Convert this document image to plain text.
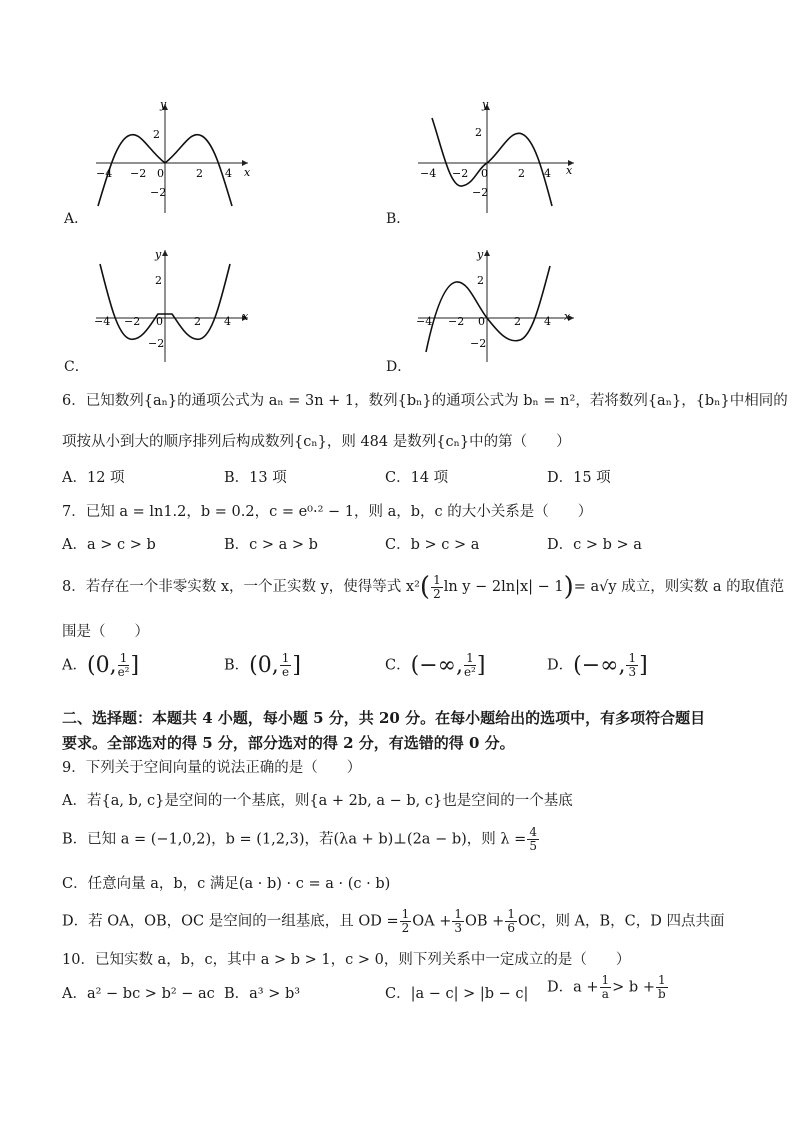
y
x
−4 −2 0	2 4
2
−2
A．
y
x
−4 −2 0	2 4
2
−2
B．
y
x
−4 −2 0	2 4
2
−2
C．
y
x
−4 −2 0	2 4
2
−2
D．
6．已知数列{aₙ}的通项公式为 aₙ = 3n + 1，数列{bₙ}的通项公式为 bₙ = n²，若将数列{aₙ}，{bₙ}中相同的
项按从小到大的顺序排列后构成数列{cₙ}，则 484 是数列{cₙ}中的第（　　）
A．12 项	B．13 项	C．14 项	D．15 项
7．已知 a = ln1.2，b = 0.2，c = e⁰·² − 1，则 a，b，c 的大小关系是（　　）
A．a > c > b	B．c > a > b	C．b > c > a	D．c > b > a
8．若存在一个非零实数 x，一个正实数 y，使得等式 $x^2( \frac{1}{2}$ ln y − 2ln|x| − 1)= a√y 成立，则实数 a 的取值范
围是（　　）
A．(0, $\frac{1}{\text{e²}}$ ]	B．(0, $\frac{1}{e}$ ]	C．(−∞, $\frac{1}{\text{e²}}$ ]	D．(−∞, $\frac{1}{3}$ ]
二、选择题：本题共 4 小题，每小题 5 分，共 20 分。在每小题给出的选项中，有多项符合题目
要求。全部选对的得 5 分，部分选对的得 2 分，有选错的得 0 分。
9．下列关于空间向量的说法正确的是（　　）
A．若{a, b, c}是空间的一个基底，则{a + 2b, a − b, c}也是空间的一个基底
B．已知 a = (−1,0,2)，b = (1,2,3)，若(λa + b)⊥(2a − b)，则 $\lambda = \frac{4}{5}$
C．任意向量 a，b，c 满足(a · b) · c = a · (c · b)
D．若 OA，OB，OC 是空间的一组基底，且 OD = $\frac{1}{2}$ OA + $\frac{1}{3}$ OB + $\frac{1}{6}$ OC，则 A，B，C，D 四点共面
10．已知实数 a，b，c，其中 a > b > 1，c > 0，则下列关系中一定成立的是（　　）
A．a² − bc > b² − ac B．a³ > b³	C．|a − c| > |b − c| D．$a + \frac{1}{a} > b + \frac{1}{b}$
